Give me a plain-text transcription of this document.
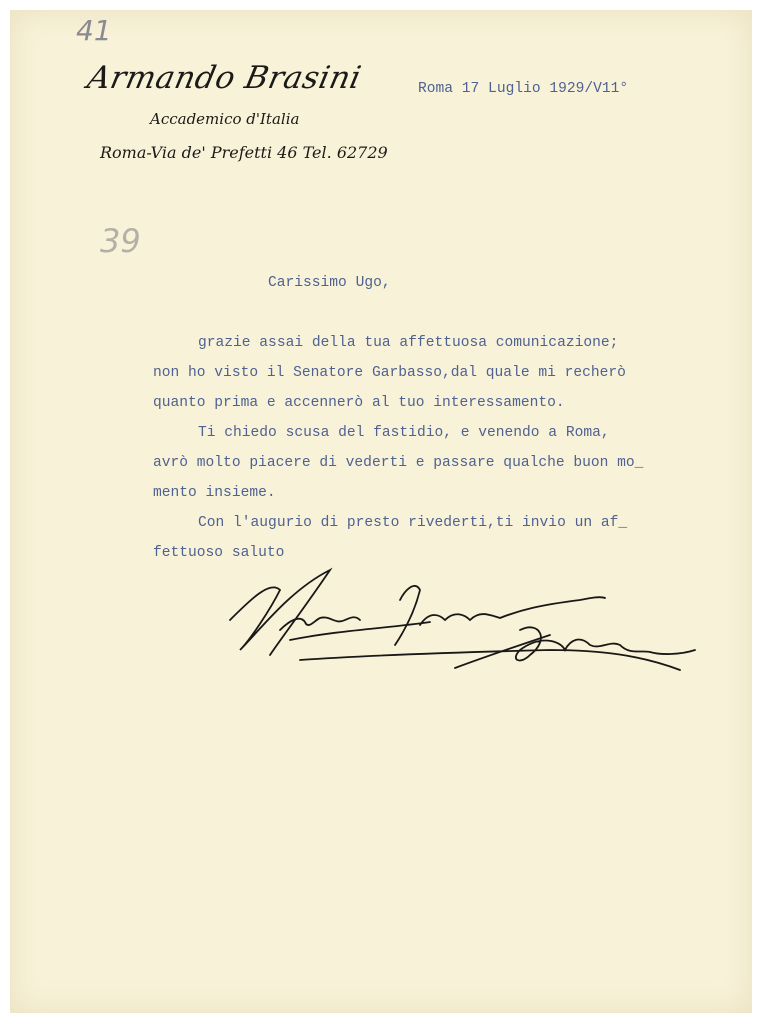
41
39
Armando Brasini
Accademico d'Italia
Roma-Via de' Prefetti 46 Tel. 62729
Roma 17 Luglio 1929/V11°
Carissimo Ugo,
grazie assai della tua affettuosa comunicazione;
non ho visto il Senatore Garbasso,dal quale mi recherò
quanto prima e accennerò al tuo interessamento.
Ti chiedo scusa del fastidio, e venendo a Roma,
avrò molto piacere di vederti e passare qualche buon mo_
mento insieme.
Con l'augurio di presto rivederti,ti invio un af_
fettuoso saluto
